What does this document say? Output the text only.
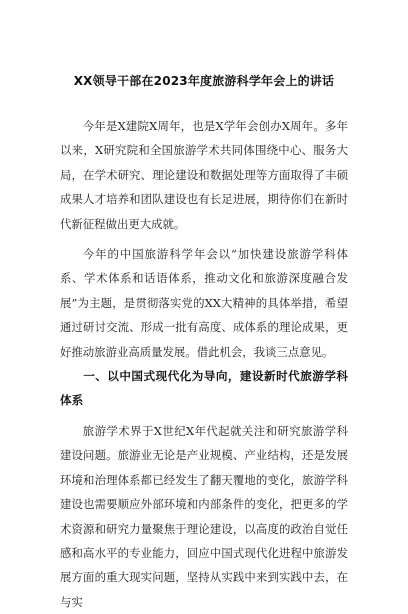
XX领导干部在2023年度旅游科学年会上的讲话

今年是X建院X周年，也是X学年会创办X周年。多年以来，X研究院和全国旅游学术共同体围绕中心、服务大局，在学术研究、理论建设和数据处理等方面取得了丰硕成果人才培养和团队建设也有长足进展，期待你们在新时代新征程做出更大成就。

今年的中国旅游科学年会以“加快建设旅游学科体系、学术体系和话语体系，推动文化和旅游深度融合发展”为主题，是贯彻落实党的XX大精神的具体举措，希望通过研讨交流、形成一批有高度、成体系的理论成果，更好推动旅游业高质量发展。借此机会，我谈三点意见。

一、以中国式现代化为导向，建设新时代旅游学科体系

旅游学术界于X世纪X年代起就关注和研究旅游学科建设问题。旅游业无论是产业规模、产业结构，还是发展环境和治理体系都已经发生了翻天覆地的变化，旅游学科建设也需要顺应外部环境和内部条件的变化，把更多的学术资源和研究力量聚焦于理论建设，以高度的政治自觉任感和高水平的专业能力，回应中国式现代化进程中旅游发展方面的重大现实问题，坚持从实践中来到实践中去，在与实
